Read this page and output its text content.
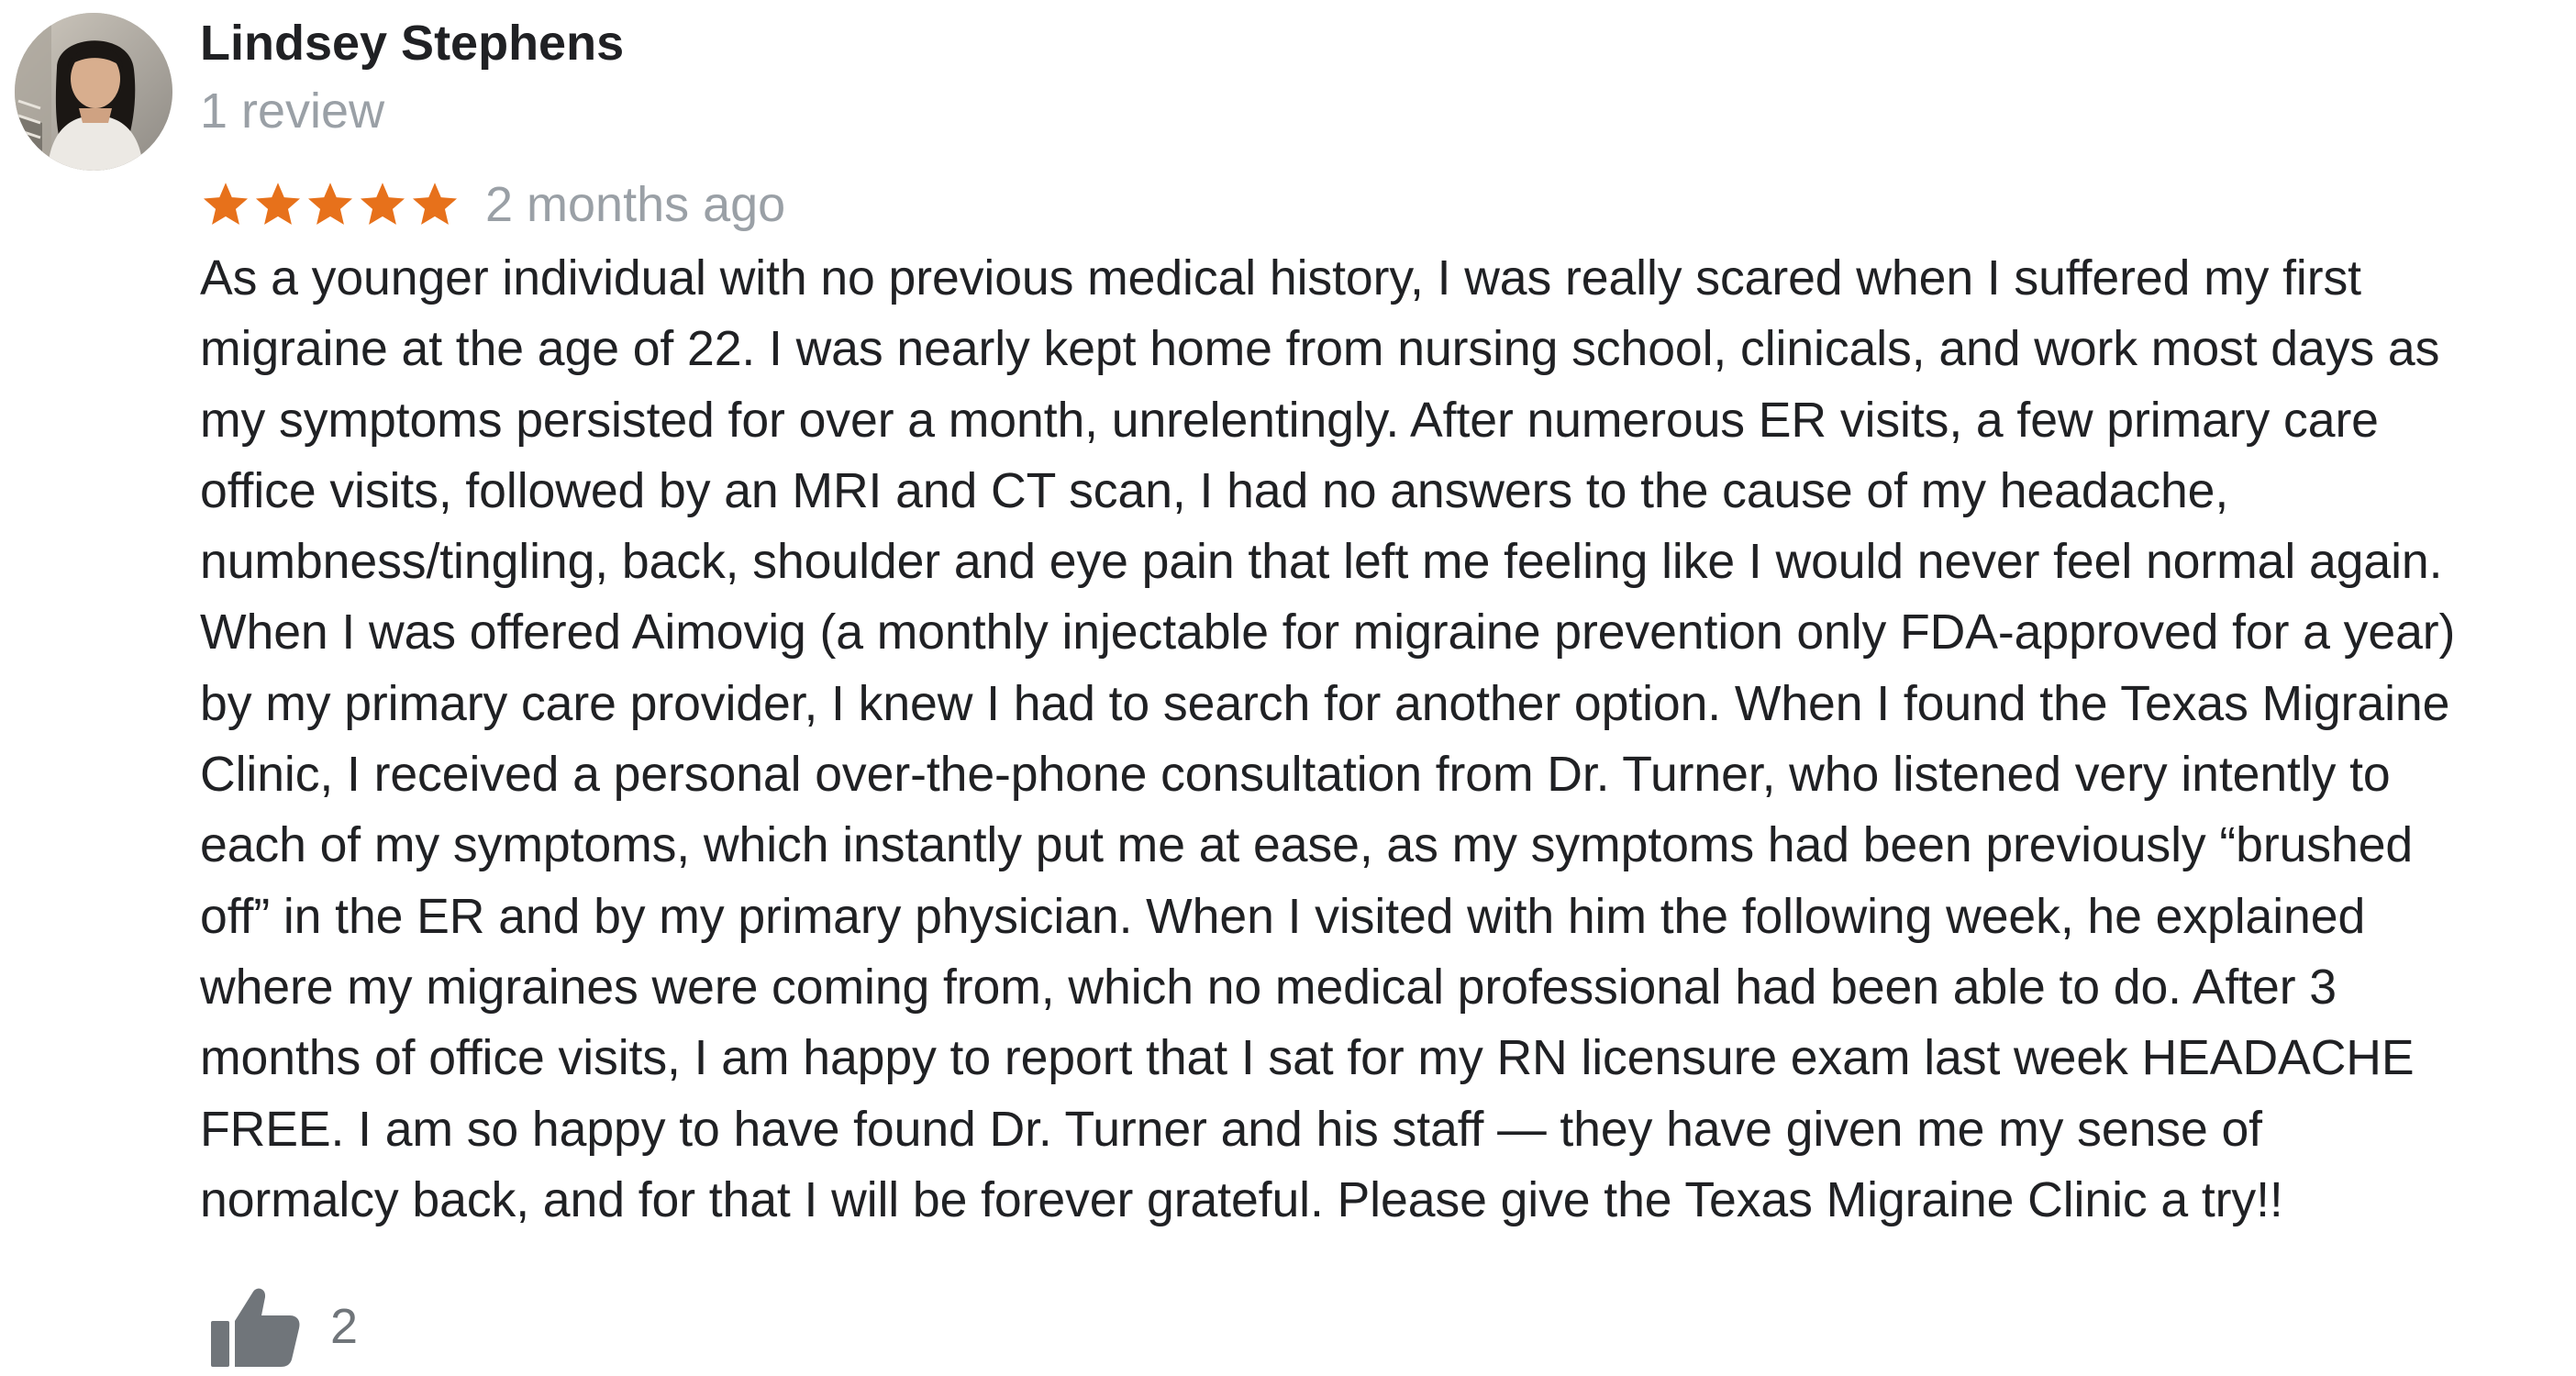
Lindsey Stephens
1 review
2 months ago

As a younger individual with no previous medical history, I was really scared when I suffered my first
migraine at the age of 22. I was nearly kept home from nursing school, clinicals, and work most days as
my symptoms persisted for over a month, unrelentingly. After numerous ER visits, a few primary care
office visits, followed by an MRI and CT scan, I had no answers to the cause of my headache,
numbness/tingling, back, shoulder and eye pain that left me feeling like I would never feel normal again.
When I was offered Aimovig (a monthly injectable for migraine prevention only FDA-approved for a year)
by my primary care provider, I knew I had to search for another option. When I found the Texas Migraine
Clinic, I received a personal over-the-phone consultation from Dr. Turner, who listened very intently to
each of my symptoms, which instantly put me at ease, as my symptoms had been previously “brushed
off” in the ER and by my primary physician. When I visited with him the following week, he explained
where my migraines were coming from, which no medical professional had been able to do. After 3
months of office visits, I am happy to report that I sat for my RN licensure exam last week HEADACHE
FREE. I am so happy to have found Dr. Turner and his staff — they have given me my sense of
normalcy back, and for that I will be forever grateful. Please give the Texas Migraine Clinic a try!!

2
